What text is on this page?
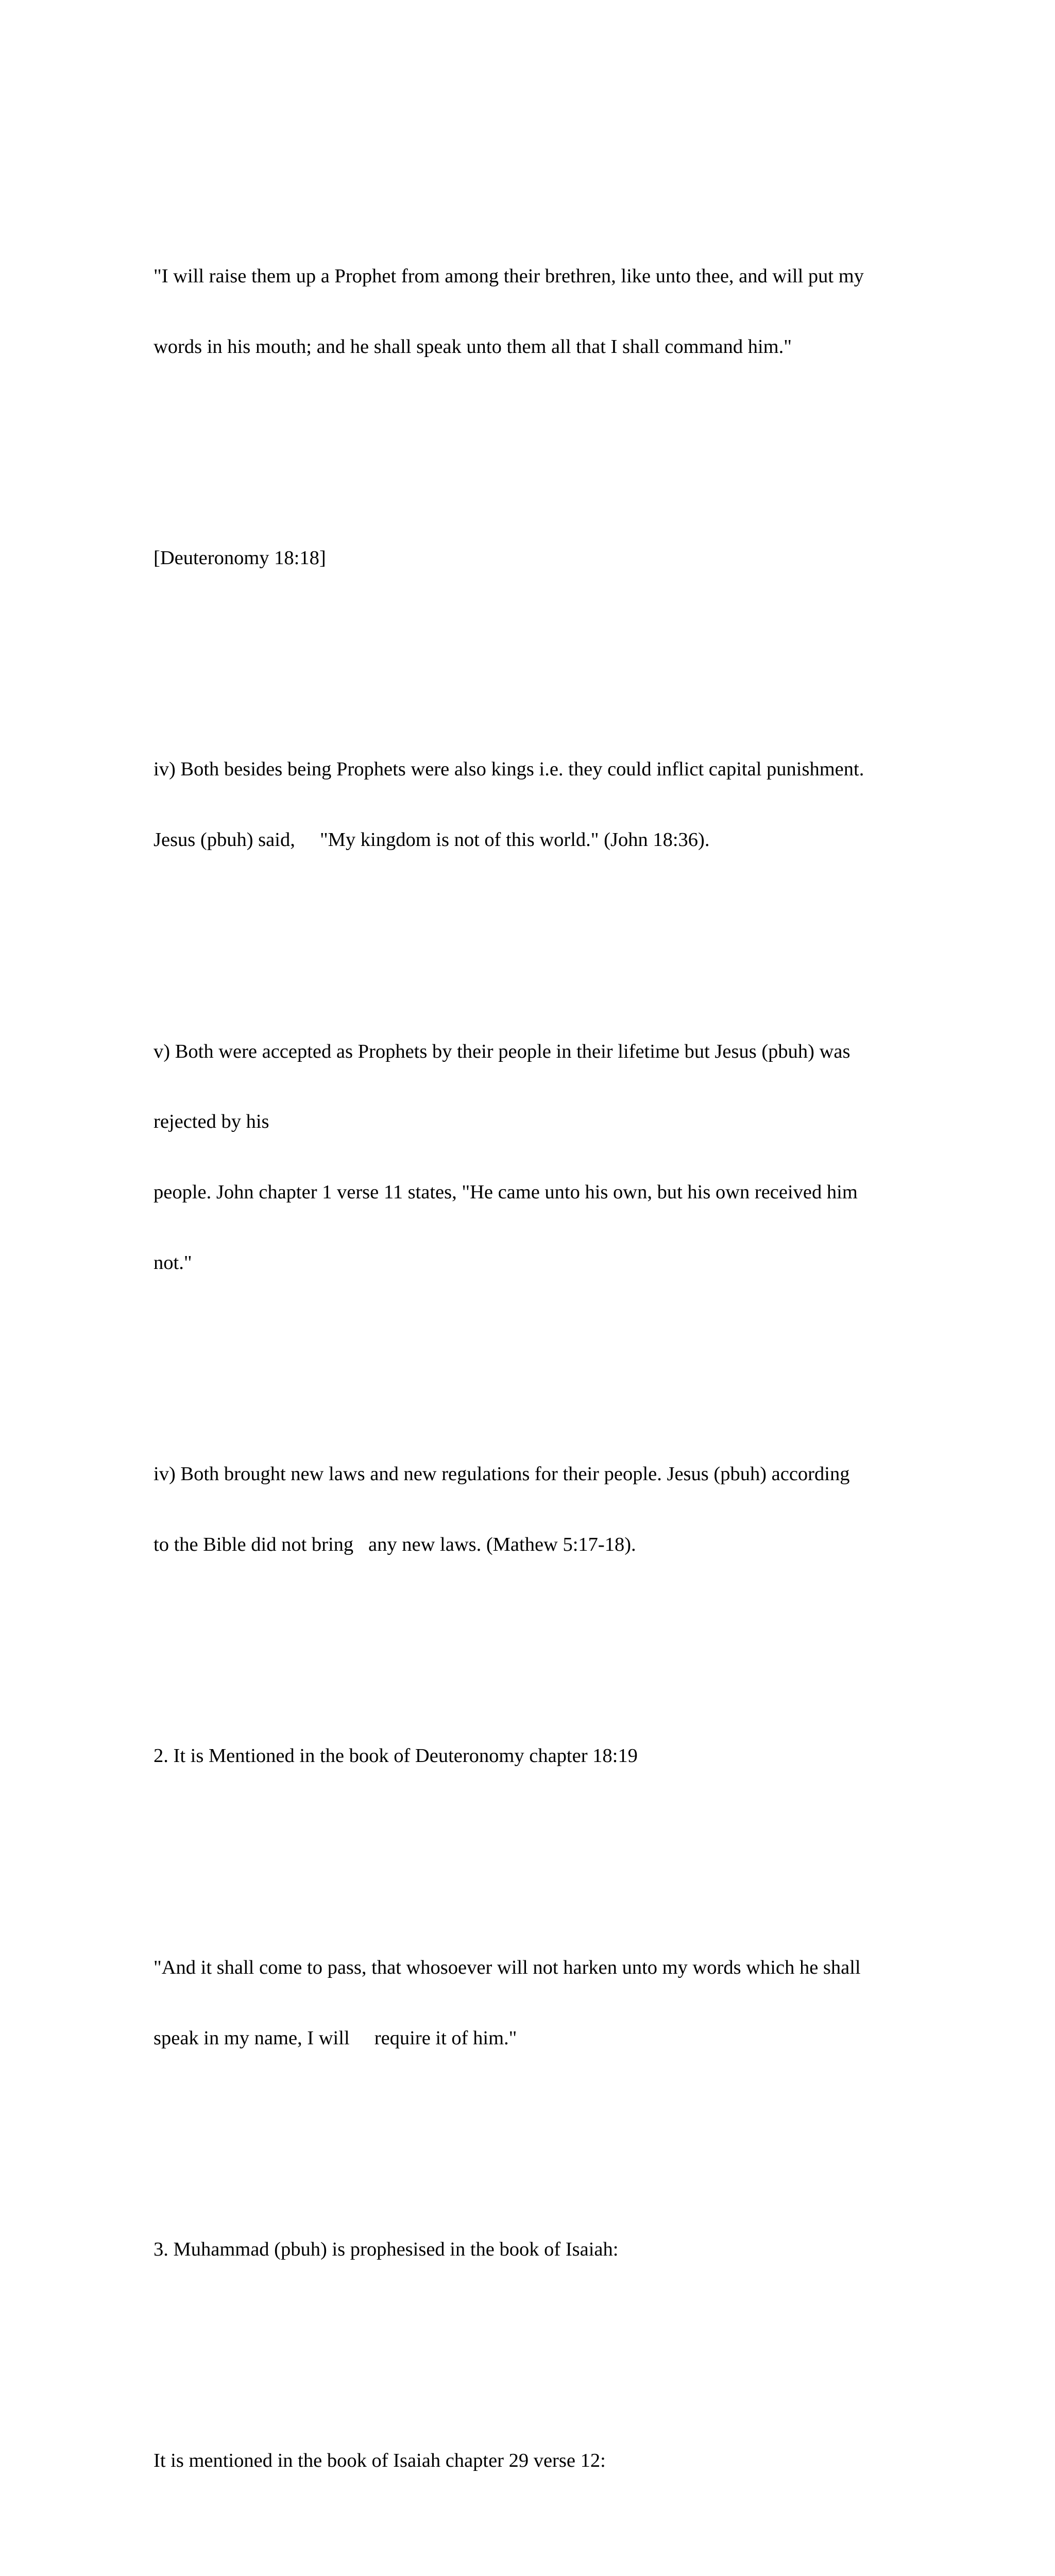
"I will raise them up a Prophet from among their brethren, like unto thee, and will put my

words in his mouth; and he shall speak unto them all that I shall command him."

[Deuteronomy 18:18]

iv) Both besides being Prophets were also kings i.e. they could inflict capital punishment.

Jesus (pbuh) said,     "My kingdom is not of this world." (John 18:36).

v) Both were accepted as Prophets by their people in their lifetime but Jesus (pbuh) was

rejected by his

people. John chapter 1 verse 11 states, "He came unto his own, but his own received him

not."

iv) Both brought new laws and new regulations for their people. Jesus (pbuh) according

to the Bible did not bring   any new laws. (Mathew 5:17-18).

2. It is Mentioned in the book of Deuteronomy chapter 18:19

"And it shall come to pass, that whosoever will not harken unto my words which he shall

speak in my name, I will     require it of him."

3. Muhammad (pbuh) is prophesised in the book of Isaiah:

It is mentioned in the book of Isaiah chapter 29 verse 12:
